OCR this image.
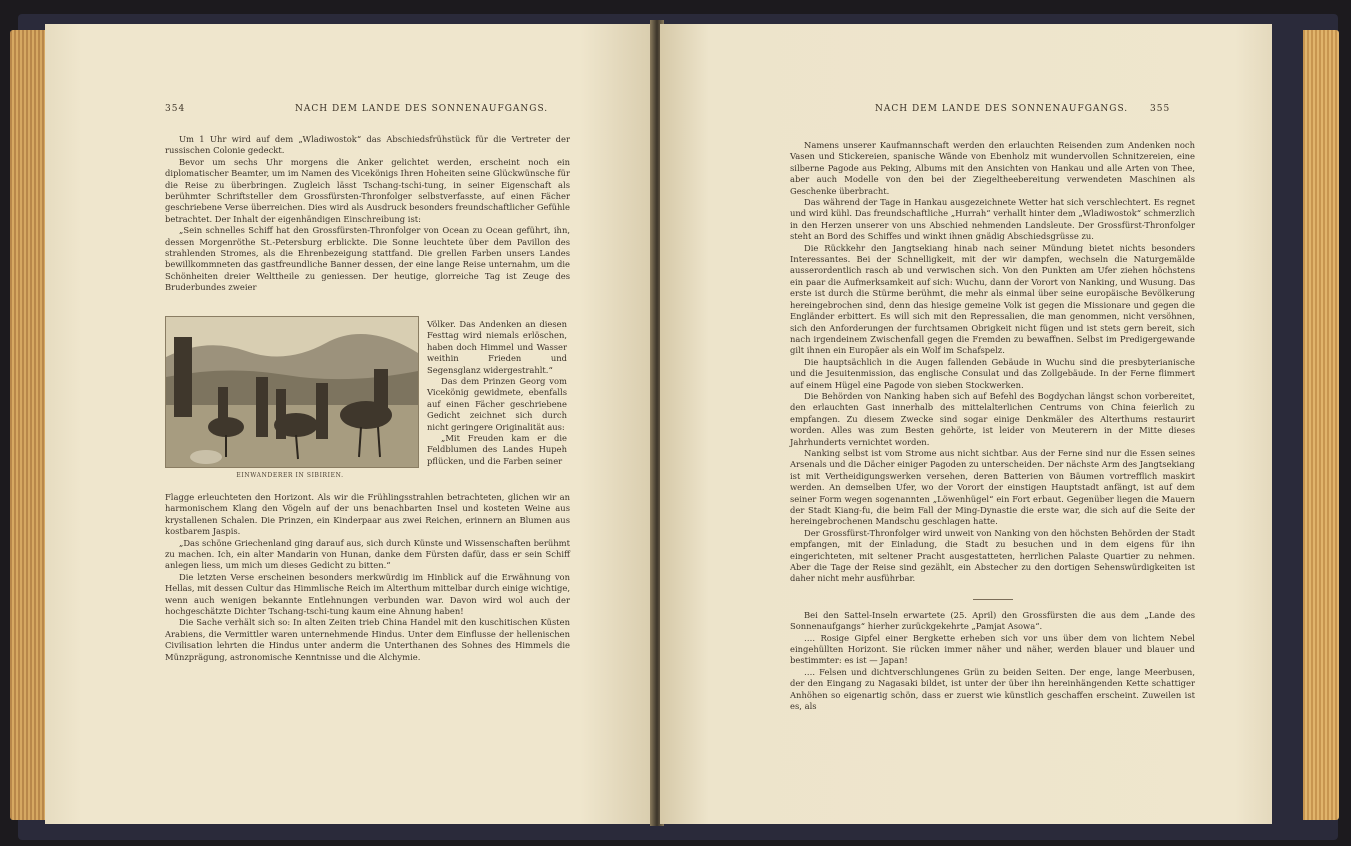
354	NACH DEM LANDE DES SONNENAUFGANGS.

Um 1 Uhr wird auf dem „Wladiwostok“ das Abschiedsfrühstück für die Vertreter der russischen Colonie gedeckt.

Bevor um sechs Uhr morgens die Anker gelichtet werden, erscheint noch ein diplomatischer Beamter, um im Namen des Vicekönigs Ihren Hoheiten seine Glückwünsche für die Reise zu überbringen. Zugleich lässt Tschang-tschi-tung, in seiner Eigenschaft als berühmter Schriftsteller dem Grossfürsten-Thronfolger selbstverfasste, auf einen Fächer geschriebene Verse überreichen. Dies wird als Ausdruck besonders freundschaftlicher Gefühle betrachtet. Der Inhalt der eigenhändigen Einschreibung ist:

„Sein schnelles Schiff hat den Grossfürsten-Thronfolger von Ocean zu Ocean geführt, ihn, dessen Morgenröthe St.-Petersburg erblickte. Die Sonne leuchtete über dem Pavillon des strahlenden Stromes, als die Ehrenbezeigung stattfand. Die grellen Farben unsers Landes bewillkommneten das gastfreundliche Banner dessen, der eine lange Reise unternahm, um die Schönheiten dreier Welttheile zu geniessen. Der heutige, glorreiche Tag ist Zeuge des Bruderbundes zweier

EINWANDERER IN SIBIRIEN.

Völker. Das Andenken an diesen Festtag wird niemals erlöschen, haben doch Himmel und Wasser weithin Frieden und Segensglanz widergestrahlt.“

Das dem Prinzen Georg vom Vicekönig gewidmete, ebenfalls auf einen Fächer geschriebene Gedicht zeichnet sich durch nicht geringere Originalität aus:

„Mit Freuden kam er die Feldblumen des Landes Hupeh pflücken, und die Farben seiner

Flagge erleuchteten den Horizont. Als wir die Frühlingsstrahlen betrachteten, glichen wir an harmonischem Klang den Vögeln auf der uns benachbarten Insel und kosteten Weine aus krystallenen Schalen. Die Prinzen, ein Kinderpaar aus zwei Reichen, erinnern an Blumen aus kostbarem Jaspis.

„Das schöne Griechenland ging darauf aus, sich durch Künste und Wissenschaften berühmt zu machen. Ich, ein alter Mandarin von Hunan, danke dem Fürsten dafür, dass er sein Schiff anlegen liess, um mich um dieses Gedicht zu bitten.“

Die letzten Verse erscheinen besonders merkwürdig im Hinblick auf die Erwähnung von Hellas, mit dessen Cultur das Himmlische Reich im Alterthum mittelbar durch einige wichtige, wenn auch wenigen bekannte Entlehnungen verbunden war. Davon wird wol auch der hochgeschätzte Dichter Tschang-tschi-tung kaum eine Ahnung haben!

Die Sache verhält sich so: In alten Zeiten trieb China Handel mit den kuschitischen Küsten Arabiens, die Vermittler waren unternehmende Hindus. Unter dem Einflusse der hellenischen Civilisation lehrten die Hindus unter anderm die Unterthanen des Sohnes des Himmels die Münzprägung, astronomische Kenntnisse und die Alchymie.

NACH DEM LANDE DES SONNENAUFGANGS. 355

Namens unserer Kaufmannschaft werden den erlauchten Reisenden zum Andenken noch Vasen und Stickereien, spanische Wände von Ebenholz mit wundervollen Schnitzereien, eine silberne Pagode aus Peking, Albums mit den Ansichten von Hankau und alle Arten von Thee, aber auch Modelle von den bei der Ziegeltheebereitung verwendeten Maschinen als Geschenke überbracht.

Das während der Tage in Hankau ausgezeichnete Wetter hat sich verschlechtert. Es regnet und wird kühl. Das freundschaftliche „Hurrah“ verhallt hinter dem „Wladiwostok“ schmerzlich in den Herzen unserer von uns Abschied nehmenden Landsleute. Der Grossfürst-Thronfolger steht an Bord des Schiffes und winkt ihnen gnädig Abschiedsgrüsse zu.

Die Rückkehr den Jangtsekiang hinab nach seiner Mündung bietet nichts besonders Interessantes. Bei der Schnelligkeit, mit der wir dampfen, wechseln die Naturgemälde ausserordentlich rasch ab und verwischen sich. Von den Punkten am Ufer ziehen höchstens ein paar die Aufmerksamkeit auf sich: Wuchu, dann der Vorort von Nanking, und Wusung. Das erste ist durch die Stürme berühmt, die mehr als einmal über seine europäische Bevölkerung hereingebrochen sind, denn das hiesige gemeine Volk ist gegen die Missionare und gegen die Engländer erbittert. Es will sich mit den Repressalien, die man genommen, nicht versöhnen, sich den Anforderungen der furchtsamen Obrigkeit nicht fügen und ist stets gern bereit, sich nach irgendeinem Zwischenfall gegen die Fremden zu bewaffnen. Selbst im Predigergewande gilt ihnen ein Europäer als ein Wolf im Schafspelz.

Die hauptsächlich in die Augen fallenden Gebäude in Wuchu sind die presbyterianische und die Jesuitenmission, das englische Consulat und das Zollgebäude. In der Ferne flimmert auf einem Hügel eine Pagode von sieben Stockwerken.

Die Behörden von Nanking haben sich auf Befehl des Bogdychan längst schon vorbereitet, den erlauchten Gast innerhalb des mittelalterlichen Centrums von China feierlich zu empfangen. Zu diesem Zwecke sind sogar einige Denkmäler des Alterthums restaurirt worden. Alles was zum Besten gehörte, ist leider von Meuterern in der Mitte dieses Jahrhunderts vernichtet worden.

Nanking selbst ist vom Strome aus nicht sichtbar. Aus der Ferne sind nur die Essen seines Arsenals und die Dächer einiger Pagoden zu unterscheiden. Der nächste Arm des Jangtsekiang ist mit Vertheidigungswerken versehen, deren Batterien von Bäumen vortrefflich maskirt werden. An demselben Ufer, wo der Vorort der einstigen Hauptstadt anfängt, ist auf dem seiner Form wegen sogenannten „Löwenhügel“ ein Fort erbaut. Gegenüber liegen die Mauern der Stadt Kiang-fu, die beim Fall der Ming-Dynastie die erste war, die sich auf die Seite der hereingebrochenen Mandschu geschlagen hatte.

Der Grossfürst-Thronfolger wird unweit von Nanking von den höchsten Behörden der Stadt empfangen, mit der Einladung, die Stadt zu besuchen und in dem eigens für ihn eingerichteten, mit seltener Pracht ausgestatteten, herrlichen Palaste Quartier zu nehmen. Aber die Tage der Reise sind gezählt, ein Abstecher zu den dortigen Sehenswürdigkeiten ist daher nicht mehr ausführbar.

Bei den Sattel-Inseln erwartete (25. April) den Grossfürsten die aus dem „Lande des Sonnenaufgangs“ hierher zurückgekehrte „Pamjat Asowa“.

…. Rosige Gipfel einer Bergkette erheben sich vor uns über dem von lichtem Nebel eingehüllten Horizont. Sie rücken immer näher und näher, werden blauer und blauer und bestimmter: es ist — Japan!

…. Felsen und dichtverschlungenes Grün zu beiden Seiten. Der enge, lange Meerbusen, der den Eingang zu Nagasaki bildet, ist unter der über ihn hereinhängenden Kette schattiger Anhöhen so eigenartig schön, dass er zuerst wie künstlich geschaffen erscheint. Zuweilen ist es, als
